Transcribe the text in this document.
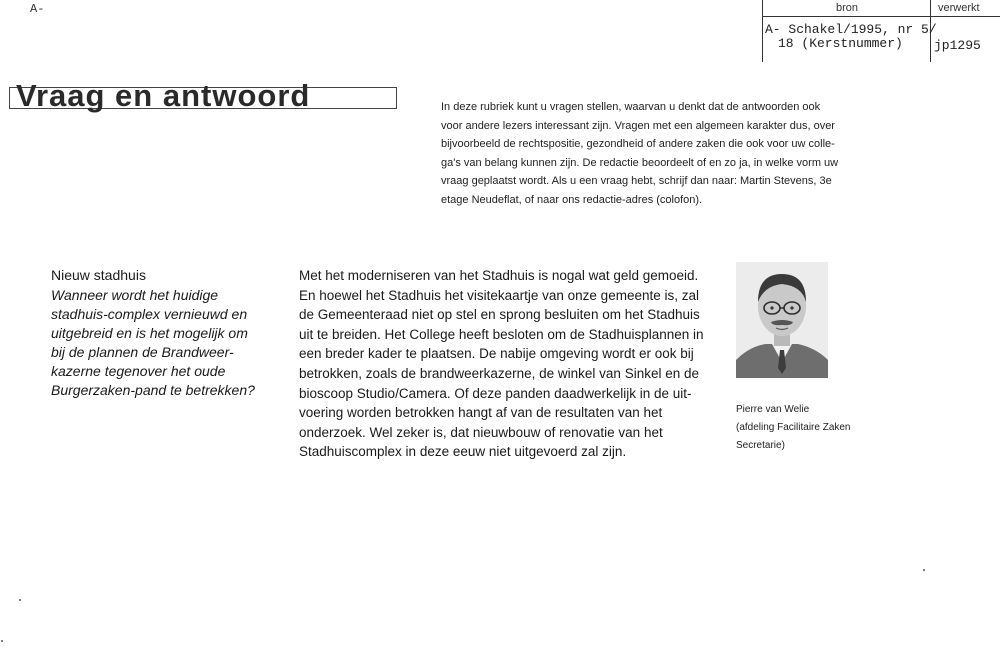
A-	bron	verwerkt
A- Schakel/1995, nr 5/
18 (Kerstnummer) jp1295
Vraag en antwoord	In deze rubriek kunt u vragen stellen, waarvan u denkt dat de antwoorden ook
voor andere lezers interessant zijn. Vragen met een algemeen karakter dus, over
bijvoorbeeld de rechtspositie, gezondheid of andere zaken die ook voor uw colle-
ga's van belang kunnen zijn. De redactie beoordeelt of en zo ja, in welke vorm uw
vraag geplaatst wordt. Als u een vraag hebt, schrijf dan naar: Martin Stevens, 3e
etage Neudeflat, of naar ons redactie-adres (colofon).
Nieuw stadhuis
Wanneer wordt het huidige
stadhuis-complex vernieuwd en
uitgebreid en is het mogelijk om
bij de plannen de Brandweer-
kazerne tegenover het oude
Burgerzaken-pand te betrekken?
Met het moderniseren van het Stadhuis is nogal wat geld gemoeid.
En hoewel het Stadhuis het visitekaartje van onze gemeente is, zal
de Gemeenteraad niet op stel en sprong besluiten om het Stadhuis
uit te breiden. Het College heeft besloten om de Stadhuisplannen in
een breder kader te plaatsen. De nabije omgeving wordt er ook bij
betrokken, zoals de brandweerkazerne, de winkel van Sinkel en de
bioscoop Studio/Camera. Of deze panden daadwerkelijk in de uit-
voering worden betrokken hangt af van de resultaten van het
onderzoek. Wel zeker is, dat nieuwbouw of renovatie van het
Stadhuiscomplex in deze eeuw niet uitgevoerd zal zijn.
Pierre van Welie
(afdeling Facilitaire Zaken
Secretarie)
